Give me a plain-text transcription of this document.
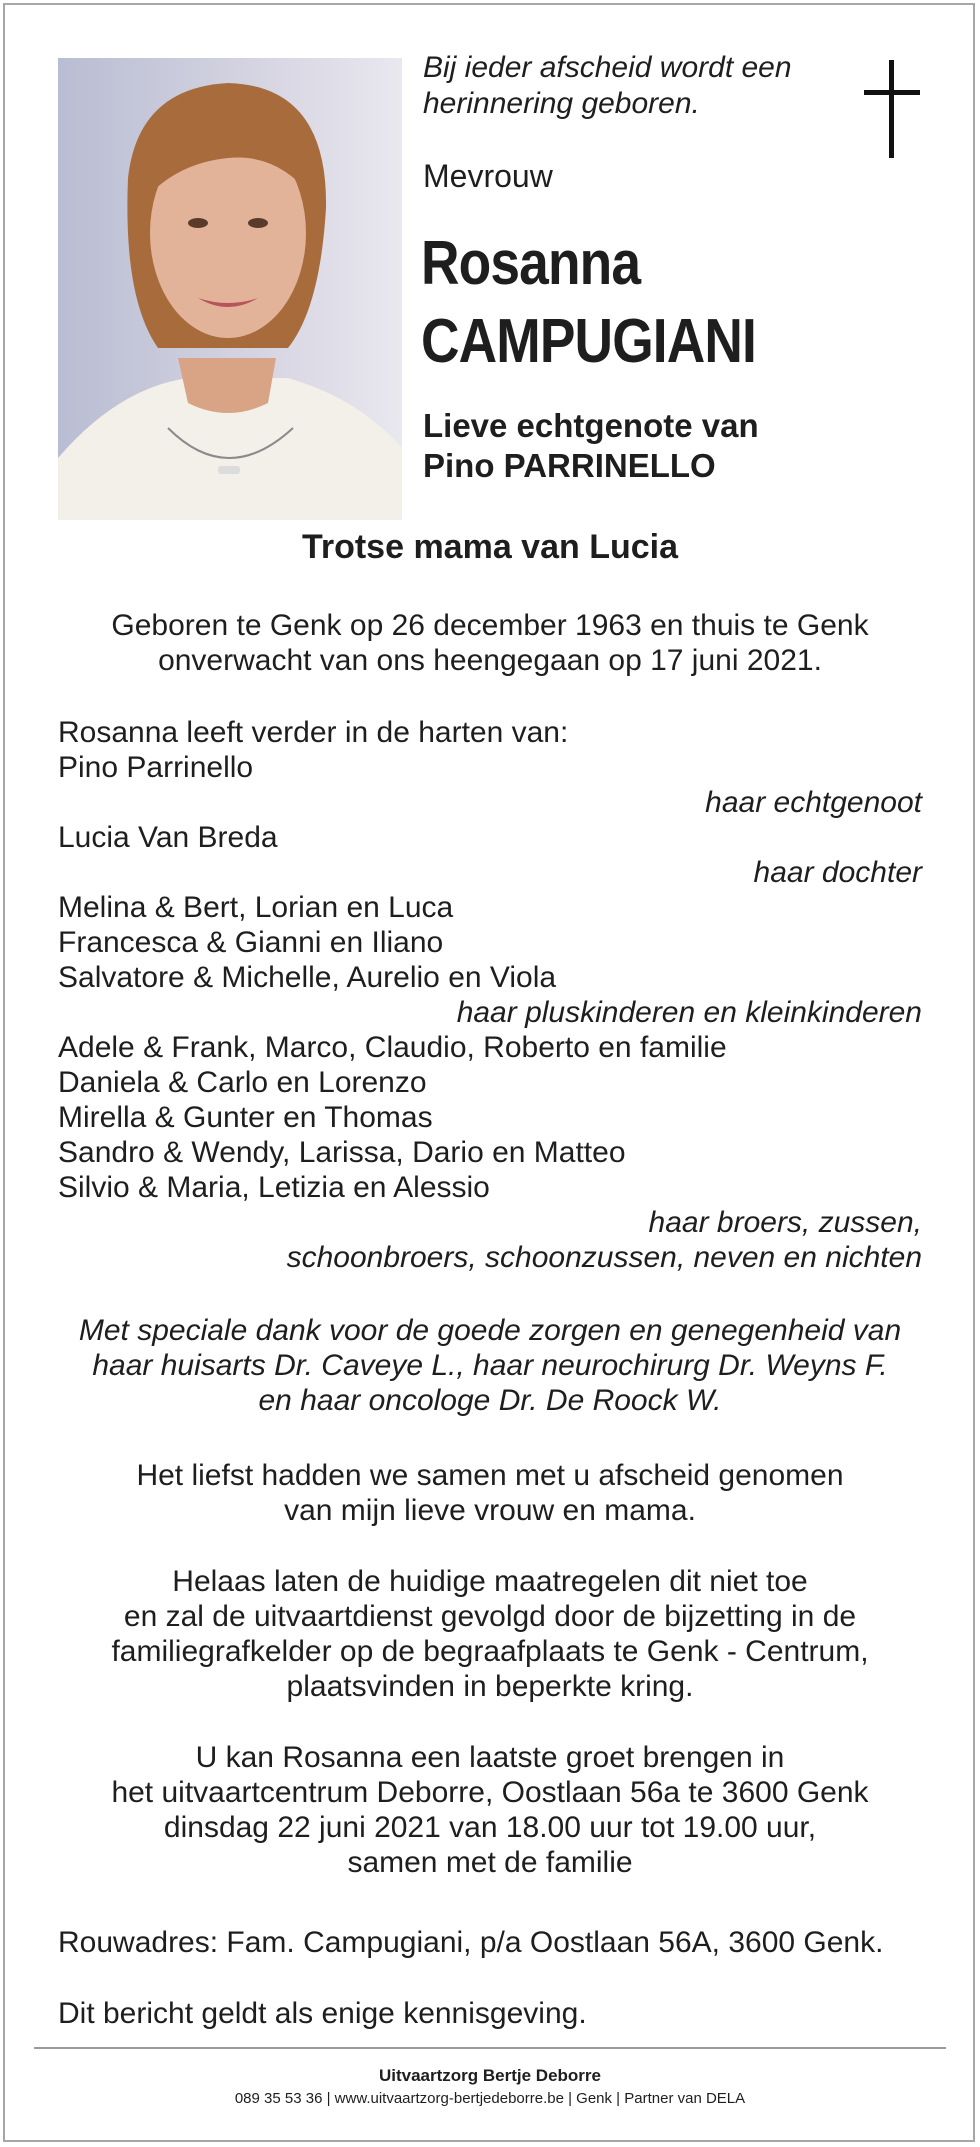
Bij ieder afscheid wordt een
herinnering geboren.
Mevrouw
Rosanna
CAMPUGIANI
Lieve echtgenote van
Pino PARRINELLO
Trotse mama van Lucia
Geboren te Genk op 26 december 1963 en thuis te Genk
onverwacht van ons heengegaan op 17 juni 2021.
Rosanna leeft verder in de harten van:
Pino Parrinello
haar echtgenoot
Lucia Van Breda
haar dochter
Melina & Bert, Lorian en Luca
Francesca & Gianni en Iliano
Salvatore & Michelle, Aurelio en Viola
haar pluskinderen en kleinkinderen
Adele & Frank, Marco, Claudio, Roberto en familie
Daniela & Carlo en Lorenzo
Mirella & Gunter en Thomas
Sandro & Wendy, Larissa, Dario en Matteo
Silvio & Maria, Letizia en Alessio
haar broers, zussen,
schoonbroers, schoonzussen, neven en nichten
Met speciale dank voor de goede zorgen en genegenheid van
haar huisarts Dr. Caveye L., haar neurochirurg Dr. Weyns F.
en haar oncologe Dr. De Roock W.
Het liefst hadden we samen met u afscheid genomen
van mijn lieve vrouw en mama.
Helaas laten de huidige maatregelen dit niet toe
en zal de uitvaartdienst gevolgd door de bijzetting in de
familiegrafkelder op de begraafplaats te Genk - Centrum,
plaatsvinden in beperkte kring.
U kan Rosanna een laatste groet brengen in
het uitvaartcentrum Deborre, Oostlaan 56a te 3600 Genk
dinsdag 22 juni 2021 van 18.00 uur tot 19.00 uur,
samen met de familie
Rouwadres: Fam. Campugiani, p/a Oostlaan 56A, 3600 Genk.
Dit bericht geldt als enige kennisgeving.
Uitvaartzorg Bertje Deborre
089 35 53 36 | www.uitvaartzorg-bertjedeborre.be | Genk | Partner van DELA
